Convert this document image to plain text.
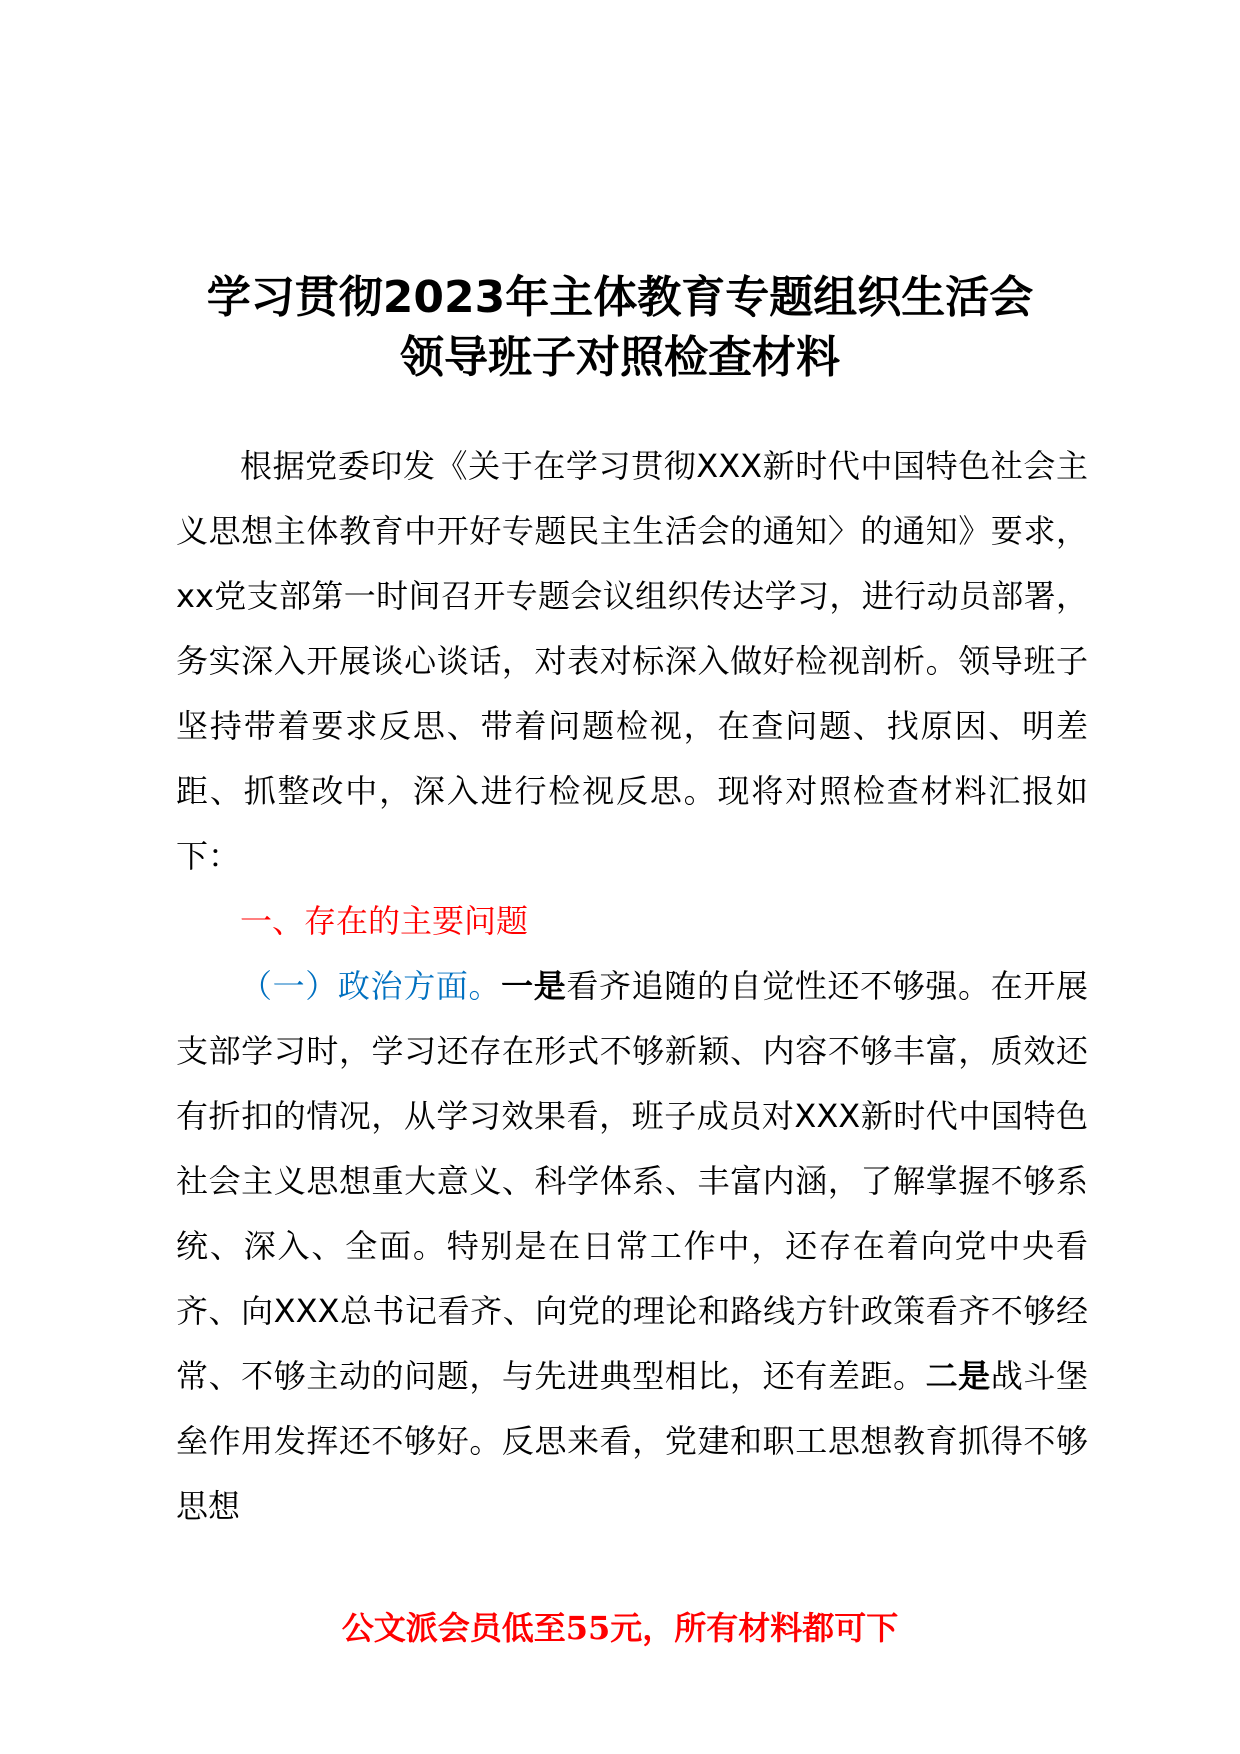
学习贯彻2023年主体教育专题组织生活会
领导班子对照检查材料

根据党委印发《关于在学习贯彻XXX新时代中国特色社会主义思想主体教育中开好专题民主生活会的通知〉的通知》要求，xx党支部第一时间召开专题会议组织传达学习，进行动员部署，务实深入开展谈心谈话，对表对标深入做好检视剖析。领导班子坚持带着要求反思、带着问题检视，在查问题、找原因、明差距、抓整改中，深入进行检视反思。现将对照检查材料汇报如下：

一、存在的主要问题

（一）政治方面。一是看齐追随的自觉性还不够强。在开展支部学习时，学习还存在形式不够新颖、内容不够丰富，质效还有折扣的情况，从学习效果看，班子成员对XXX新时代中国特色社会主义思想重大意义、科学体系、丰富内涵，了解掌握不够系统、深入、全面。特别是在日常工作中，还存在着向党中央看齐、向XXX总书记看齐、向党的理论和路线方针政策看齐不够经常、不够主动的问题，与先进典型相比，还有差距。二是战斗堡垒作用发挥还不够好。反思来看，党建和职工思想教育抓得不够思想

公文派会员低至55元，所有材料都可下
